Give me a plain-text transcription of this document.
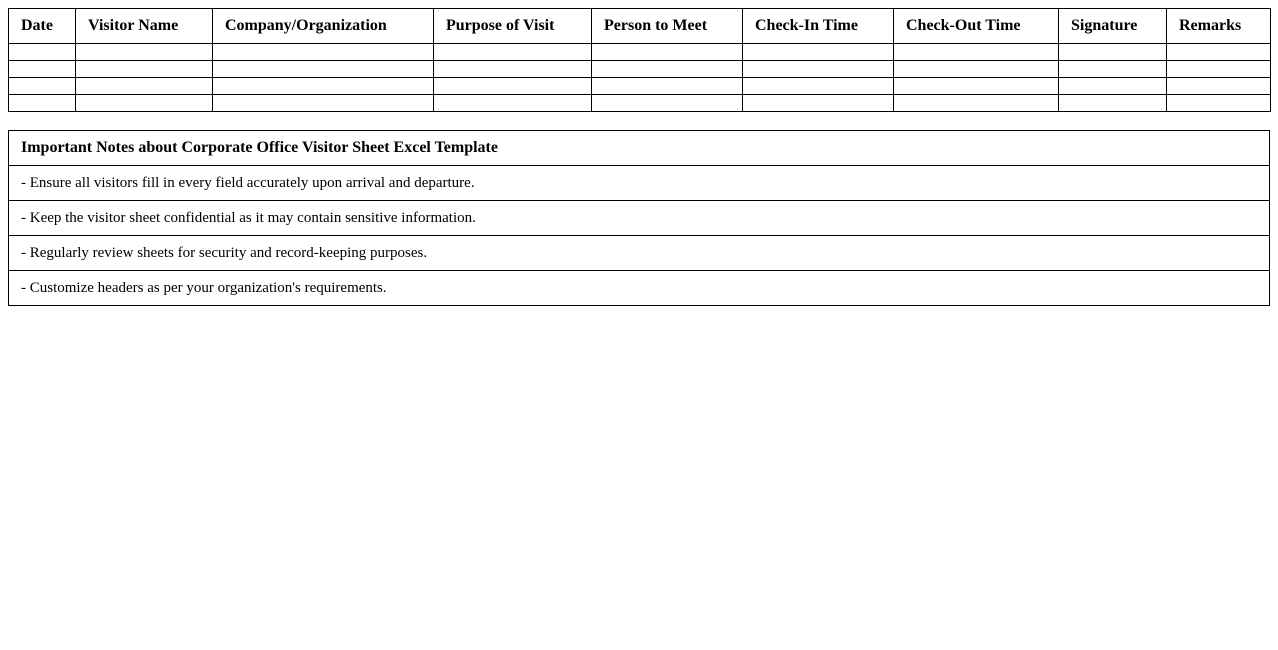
Date	Visitor Name	Company/Organization	Purpose of Visit	Person to Meet	Check-In Time	Check-Out Time	Signature	Remarks

Important Notes about Corporate Office Visitor Sheet Excel Template
- Ensure all visitors fill in every field accurately upon arrival and departure.
- Keep the visitor sheet confidential as it may contain sensitive information.
- Regularly review sheets for security and record-keeping purposes.
- Customize headers as per your organization's requirements.
